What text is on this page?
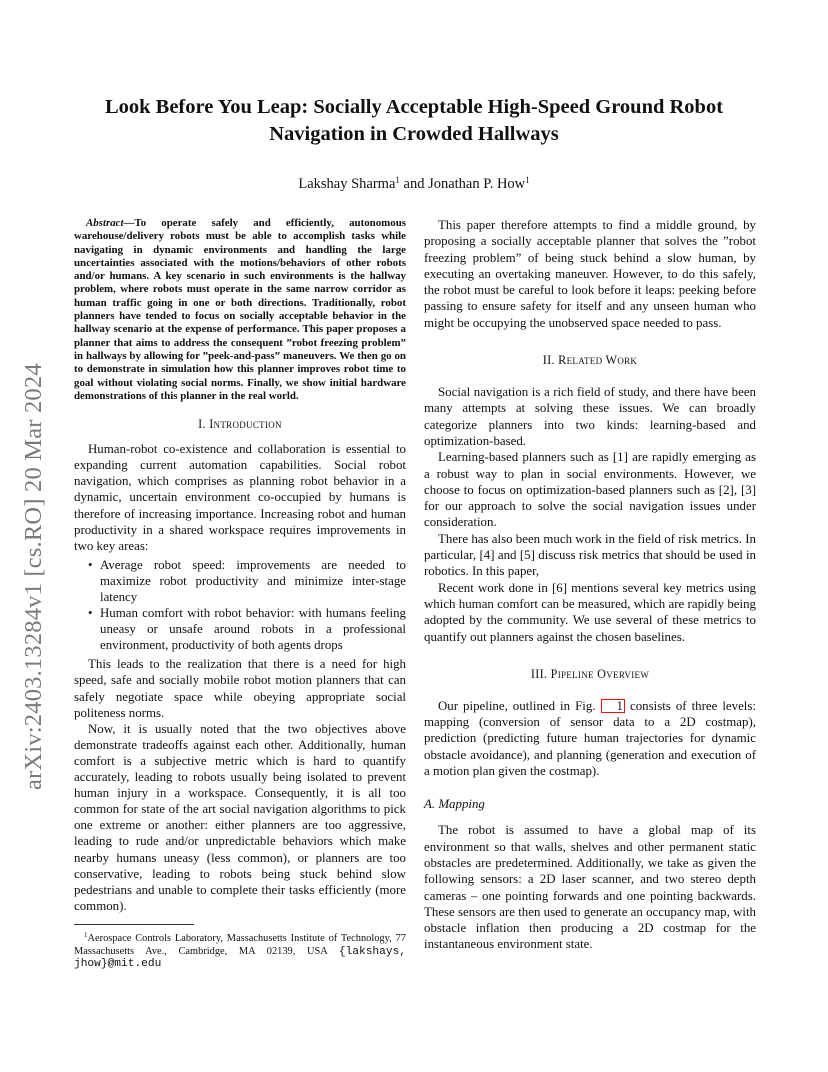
arXiv:2403.13284v1 [cs.RO] 20 Mar 2024
Look Before You Leap: Socially Acceptable High-Speed Ground Robot Navigation in Crowded Hallways
Lakshay Sharma$^1$ and Jonathan P. How$^1$

Abstract—To operate safely and efficiently, autonomous warehouse/delivery robots must be able to accomplish tasks while navigating in dynamic environments and handling the large uncertainties associated with the motions/behaviors of other robots and/or humans. A key scenario in such environments is the hallway problem, where robots must operate in the same narrow corridor as human traffic going in one or both directions. Traditionally, robot planners have tended to focus on socially acceptable behavior in the hallway scenario at the expense of performance. This paper proposes a planner that aims to address the consequent ”robot freezing problem” in hallways by allowing for ”peek-and-pass” maneuvers. We then go on to demonstrate in simulation how this planner improves robot time to goal without violating social norms. Finally, we show initial hardware demonstrations of this planner in the real world.

I. Introduction

Human-robot co-existence and collaboration is essential to expanding current automation capabilities. Social robot navigation, which comprises as planning robot behavior in a dynamic, uncertain environment co-occupied by humans is therefore of increasing importance. Increasing robot and human productivity in a shared workspace requires improvements in two key areas:

• Average robot speed: improvements are needed to maximize robot productivity and minimize inter-stage latency
• Human comfort with robot behavior: with humans feeling uneasy or unsafe around robots in a professional environment, productivity of both agents drops

This leads to the realization that there is a need for high speed, safe and socially mobile robot motion planners that can safely negotiate space while obeying appropriate social politeness norms.

Now, it is usually noted that the two objectives above demonstrate tradeoffs against each other. Additionally, human comfort is a subjective metric which is hard to quantify accurately, leading to robots usually being isolated to prevent human injury in a workspace. Consequently, it is all too common for state of the art social navigation algorithms to pick one extreme or another: either planners are too aggressive, leading to rude and/or unpredictable behaviors which make nearby humans uneasy (less common), or planners are too conservative, leading to robots being stuck behind slow pedestrians and unable to complete their tasks efficiently (more common).

$^1$Aerospace Controls Laboratory, Massachusetts Institute of Technology, 77 Massachusetts Ave., Cambridge, MA 02139, USA {lakshays, jhow}@mit.edu

This paper therefore attempts to find a middle ground, by proposing a socially acceptable planner that solves the ”robot freezing problem” of being stuck behind a slow human, by executing an overtaking maneuver. However, to do this safely, the robot must be careful to look before it leaps: peeking before passing to ensure safety for itself and any unseen human who might be occupying the unobserved space needed to pass.

II. Related Work

Social navigation is a rich field of study, and there have been many attempts at solving these issues. We can broadly categorize planners into two kinds: learning-based and optimization-based.

Learning-based planners such as [1] are rapidly emerging as a robust way to plan in social environments. However, we choose to focus on optimization-based planners such as [2], [3] for our approach to solve the social navigation issues under consideration.

There has also been much work in the field of risk metrics. In particular, [4] and [5] discuss risk metrics that should be used in robotics. In this paper,

Recent work done in [6] mentions several key metrics using which human comfort can be measured, which are rapidly being adopted by the community. We use several of these metrics to quantify out planners against the chosen baselines.

III. Pipeline Overview

Our pipeline, outlined in Fig. 1 consists of three levels: mapping (conversion of sensor data to a 2D costmap), prediction (predicting future human trajectories for dynamic obstacle avoidance), and planning (generation and execution of a motion plan given the costmap).

A. Mapping

The robot is assumed to have a global map of its environment so that walls, shelves and other permanent static obstacles are predetermined. Additionally, we take as given the following sensors: a 2D laser scanner, and two stereo depth cameras – one pointing forwards and one pointing backwards. These sensors are then used to generate an occupancy map, with obstacle inflation then producing a 2D costmap for the instantaneous environment state.
